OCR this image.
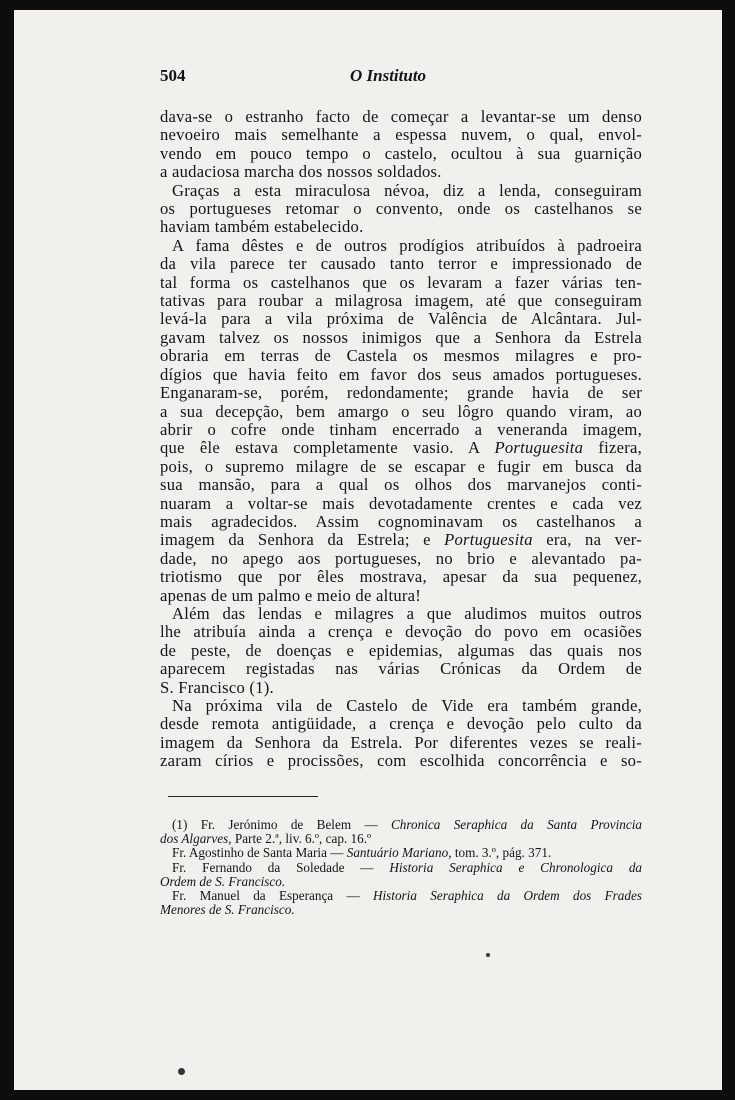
504	O Instituto

dava-se o estranho facto de começar a levantar-se um denso
nevoeiro mais semelhante a espessa nuvem, o qual, envol-
vendo em pouco tempo o castelo, ocultou à sua guarnição
a audaciosa marcha dos nossos soldados.

Graças a esta miraculosa névoa, diz a lenda, conseguiram
os portugueses retomar o convento, onde os castelhanos se
haviam também estabelecido.

A fama dêstes e de outros prodígios atribuídos à padroeira
da vila parece ter causado tanto terror e impressionado de
tal forma os castelhanos que os levaram a fazer várias ten-
tativas para roubar a milagrosa imagem, até que conseguiram
levá-la para a vila próxima de Valência de Alcântara. Jul-
gavam talvez os nossos inimigos que a Senhora da Estrela
obraria em terras de Castela os mesmos milagres e pro-
dígios que havia feito em favor dos seus amados portugueses.
Enganaram-se, porém, redondamente; grande havia de ser
a sua decepção, bem amargo o seu lôgro quando viram, ao
abrir o cofre onde tinham encerrado a veneranda imagem,
que êle estava completamente vasio. A Portuguesita fizera,
pois, o supremo milagre de se escapar e fugir em busca da
sua mansão, para a qual os olhos dos marvanejos conti-
nuaram a voltar-se mais devotadamente crentes e cada vez
mais agradecidos. Assim cognominavam os castelhanos a
imagem da Senhora da Estrela; e Portuguesita era, na ver-
dade, no apego aos portugueses, no brio e alevantado pa-
triotismo que por êles mostrava, apesar da sua pequenez,
apenas de um palmo e meio de altura!

Além das lendas e milagres a que aludimos muitos outros
lhe atribuía ainda a crença e devoção do povo em ocasiões
de peste, de doenças e epidemias, algumas das quais nos
aparecem registadas nas várias Crónicas da Ordem de
S. Francisco (1).

Na próxima vila de Castelo de Vide era também grande,
desde remota antigüidade, a crença e devoção pelo culto da
imagem da Senhora da Estrela. Por diferentes vezes se reali-
zaram círios e procissões, com escolhida concorrência e so-

(1) Fr. Jerónimo de Belem — Chronica Seraphica da Santa Provincia
dos Algarves, Parte 2.ª, liv. 6.º, cap. 16.º
Fr. Agostinho de Santa Maria — Santuário Mariano, tom. 3.º, pág. 371.
Fr. Fernando da Soledade — Historia Seraphica e Chronologica da
Ordem de S. Francisco.
Fr. Manuel da Esperança — Historia Seraphica da Ordem dos Frades
Menores de S. Francisco.
